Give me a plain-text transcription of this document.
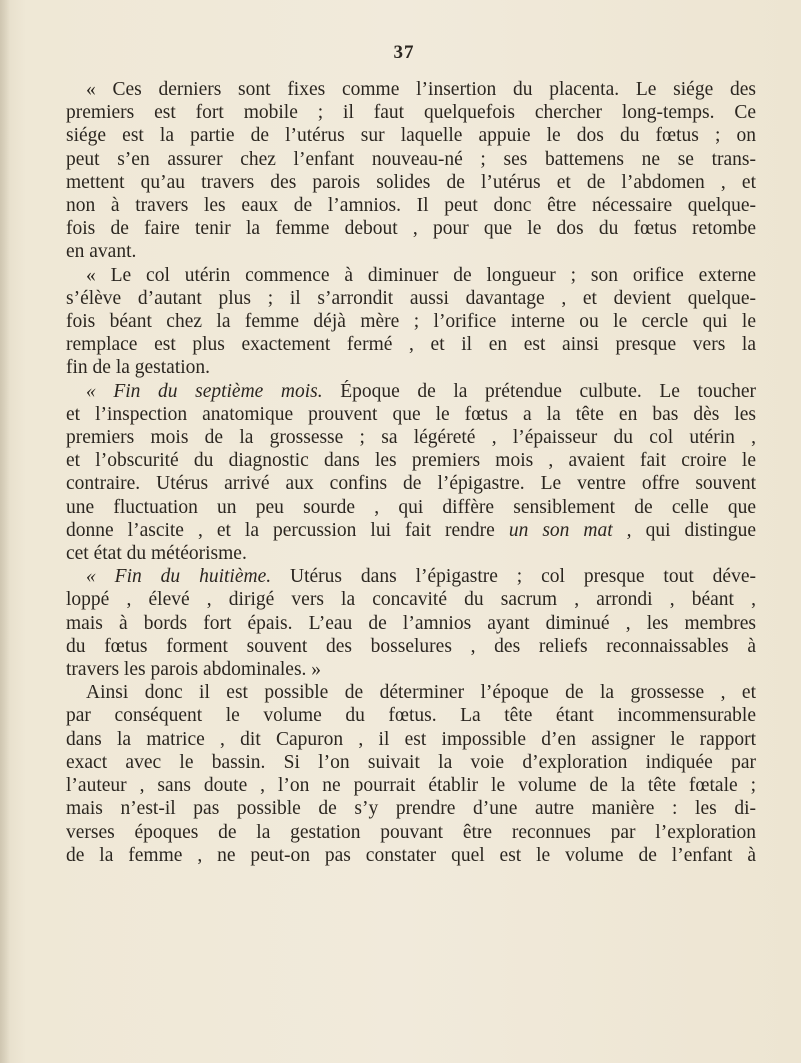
37

« Ces derniers sont fixes comme l’insertion du placenta. Le siége des
premiers est fort mobile ; il faut quelquefois chercher long-temps. Ce
siége est la partie de l’utérus sur laquelle appuie le dos du fœtus ; on
peut s’en assurer chez l’enfant nouveau-né ; ses battemens ne se trans-
mettent qu’au travers des parois solides de l’utérus et de l’abdomen , et
non à travers les eaux de l’amnios. Il peut donc être nécessaire quelque-
fois de faire tenir la femme debout , pour que le dos du fœtus retombe
en avant.

« Le col utérin commence à diminuer de longueur ; son orifice externe
s’élève d’autant plus ; il s’arrondit aussi davantage , et devient quelque-
fois béant chez la femme déjà mère ; l’orifice interne ou le cercle qui le
remplace est plus exactement fermé , et il en est ainsi presque vers la
fin de la gestation.

« Fin du septième mois. Époque de la prétendue culbute. Le toucher
et l’inspection anatomique prouvent que le fœtus a la tête en bas dès les
premiers mois de la grossesse ; sa légéreté , l’épaisseur du col utérin ,
et l’obscurité du diagnostic dans les premiers mois , avaient fait croire le
contraire. Utérus arrivé aux confins de l’épigastre. Le ventre offre souvent
une fluctuation un peu sourde , qui diffère sensiblement de celle que
donne l’ascite , et la percussion lui fait rendre un son mat , qui distingue
cet état du météorisme.

« Fin du huitième. Utérus dans l’épigastre ; col presque tout déve-
loppé , élevé , dirigé vers la concavité du sacrum , arrondi , béant ,
mais à bords fort épais. L’eau de l’amnios ayant diminué , les membres
du fœtus forment souvent des bosselures , des reliefs reconnaissables à
travers les parois abdominales. »

Ainsi donc il est possible de déterminer l’époque de la grossesse , et
par conséquent le volume du fœtus. La tête étant incommensurable
dans la matrice , dit Capuron , il est impossible d’en assigner le rapport
exact avec le bassin. Si l’on suivait la voie d’exploration indiquée par
l’auteur , sans doute , l’on ne pourrait établir le volume de la tête fœtale ;
mais n’est-il pas possible de s’y prendre d’une autre manière : les di-
verses époques de la gestation pouvant être reconnues par l’exploration
de la femme , ne peut-on pas constater quel est le volume de l’enfant à
